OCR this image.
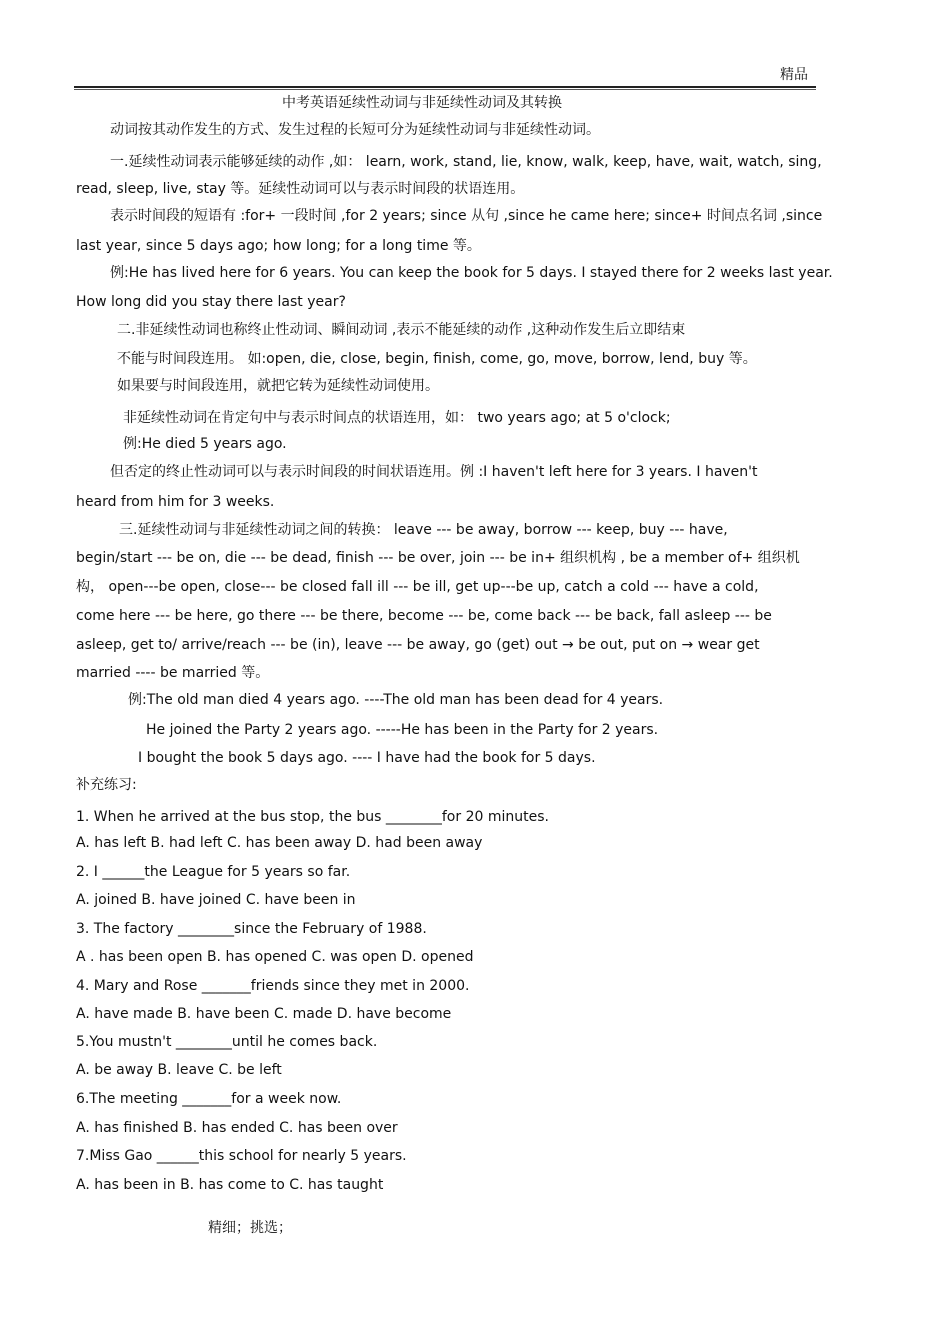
精品
中考英语延续性动词与非延续性动词及其转换
动词按其动作发生的方式、发生过程的长短可分为延续性动词与非延续性动词。
一.延续性动词表示能够延续的动作 ,如： learn, work, stand, lie, know, walk, keep, have, wait, watch, sing,
read, sleep, live, stay 等。延续性动词可以与表示时间段的状语连用。
表示时间段的短语有 :for+ 一段时间 ,for 2 years; since 从句 ,since he came here; since+ 时间点名词 ,since
last year, since 5 days ago; how long; for a long time 等。
例:He has lived here for 6 years. You can keep the book for 5 days. I stayed there for 2 weeks last year.
How long did you stay there last year?
二.非延续性动词也称终止性动词、瞬间动词 ,表示不能延续的动作 ,这种动作发生后立即结束
不能与时间段连用。 如:open, die, close, begin, finish, come, go, move, borrow, lend, buy 等。
如果要与时间段连用，就把它转为延续性动词使用。
非延续性动词在肯定句中与表示时间点的状语连用，如： two years ago; at 5 o'clock;
例:He died 5 years ago.
但否定的终止性动词可以与表示时间段的时间状语连用。例 :I haven't left here for 3 years. I haven't
heard from him for 3 weeks.
三.延续性动词与非延续性动词之间的转换： leave --- be away, borrow --- keep, buy --- have,
begin/start --- be on, die --- be dead, finish --- be over, join --- be in+ 组织机构 , be a member of+ 组织机
构， open---be open, close--- be closed fall ill --- be ill, get up---be up, catch a cold --- have a cold,
come here --- be here, go there --- be there, become --- be, come back --- be back, fall asleep --- be
asleep, get to/ arrive/reach --- be (in), leave --- be away, go (get) out → be out, put on → wear get
married ---- be married 等。
例:The old man died 4 years ago. ----The old man has been dead for 4 years.
He joined the Party 2 years ago. -----He has been in the Party for 2 years.
I bought the book 5 days ago. ---- I have had the book for 5 days.
补充练习:
1. When he arrived at the bus stop, the bus ________for 20 minutes.
A. has left B. had left C. has been away D. had been away
2. I ______the League for 5 years so far.
A. joined B. have joined C. have been in
3. The factory ________since the February of 1988.
A . has been open B. has opened C. was open D. opened
4. Mary and Rose _______friends since they met in 2000.
A. have made B. have been C. made D. have become
5.You mustn't ________until he comes back.
A. be away B. leave C. be left
6.The meeting _______for a week now.
A. has finished B. has ended C. has been over
7.Miss Gao ______this school for nearly 5 years.
A. has been in B. has come to C. has taught
精细；挑选；
